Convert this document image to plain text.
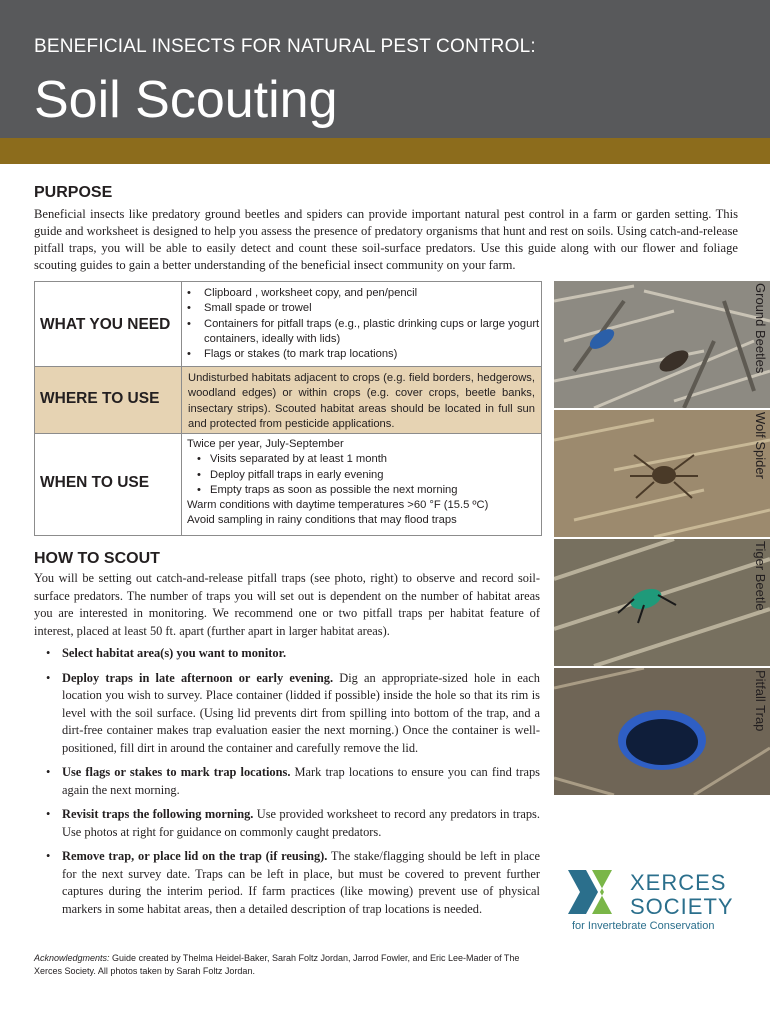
BENEFICIAL INSECTS FOR NATURAL PEST CONTROL:
Soil Scouting
PURPOSE
Beneficial insects like predatory ground beetles and spiders can provide important natural pest control in a farm or garden setting. This guide and worksheet is designed to help you assess the presence of predatory organisms that hunt and rest on soils. Using catch-and-release pitfall traps, you will be able to easily detect and count these soil-surface predators. Use this guide along with our flower and foliage scouting guides to gain a better understanding of the beneficial insect community on your farm.
WHAT YOU NEED
• Clipboard , worksheet copy, and pen/pencil
• Small spade or trowel
• Containers for pitfall traps (e.g., plastic drinking cups or large yogurt containers, ideally with lids)
• Flags or stakes (to mark trap locations)
WHERE TO USE

Undisturbed habitats adjacent to crops (e.g. field borders, hedgerows, woodland edges) or within crops (e.g. cover crops, beetle banks, insectary strips). Scouted habitat areas should be located in full sun and protected from pesticide applications.

WHEN TO USE
Twice per year, July-September
• Visits separated by at least 1 month
• Deploy pitfall traps in early evening
• Empty traps as soon as possible the next morning
Warm conditions with daytime temperatures >60 °F (15.5 ºC)
Avoid sampling in rainy conditions that may flood traps
HOW TO SCOUT
You will be setting out catch-and-release pitfall traps (see photo, right) to observe and record soil-surface predators. The number of traps you will set out is dependent on the number of habitat areas you are interested in monitoring. We recommend one or two pitfall traps per habitat feature of interest, placed at least 50 ft. apart (further apart in larger habitat areas).
• Select habitat area(s) you want to monitor.
• Deploy traps in late afternoon or early evening. Dig an appropriate-sized hole in each location you wish to survey. Place container (lidded if possible) inside the hole so that its rim is level with the soil surface. (Using lid prevents dirt from spilling into bottom of the trap, and a dirt-free container makes trap evaluation easier the next morning.) Once the container is well-positioned, fill dirt in around the container and carefully remove the lid.
• Use flags or stakes to mark trap locations. Mark trap locations to ensure you can find traps again the next morning.
• Revisit traps the following morning. Use provided worksheet to record any predators in traps. Use photos at right for guidance on commonly caught predators.
• Remove trap, or place lid on the trap (if reusing). The stake/flagging should be left in place for the next survey date. Traps can be left in place, but must be covered to prevent further captures during the interim period. If farm practices (like mowing) prevent use of physical markers in some habitat areas, then a detailed description of trap locations is needed.
Acknowledgments: Guide created by Thelma Heidel-Baker, Sarah Foltz Jordan, Jarrod Fowler, and Eric Lee-Mader of The Xerces Society. All photos taken by Sarah Foltz Jordan.
Ground Beetles
Wolf Spider
Tiger Beetle
Pitfall Trap
XERCES
SOCIETY
for Invertebrate Conservation
